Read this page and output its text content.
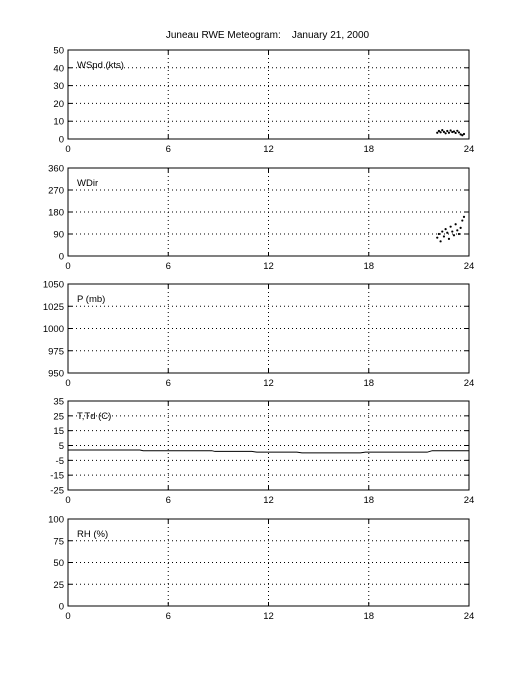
Juneau RWE Meteogram:    January 21, 2000
0	6	12	18	24
0
10
20
30
40
50
WSpd (kts)
0	6	12	18	24
0
90
180
270
360
WDir
0	6	12	18	24
950
975
1000
1025
1050
P (mb)
0	6	12	18	24
-25
-15
-5
5
15
25
35
T,Td (C)
0	6	12	18	24
0
25
50
75
100
RH (%)
